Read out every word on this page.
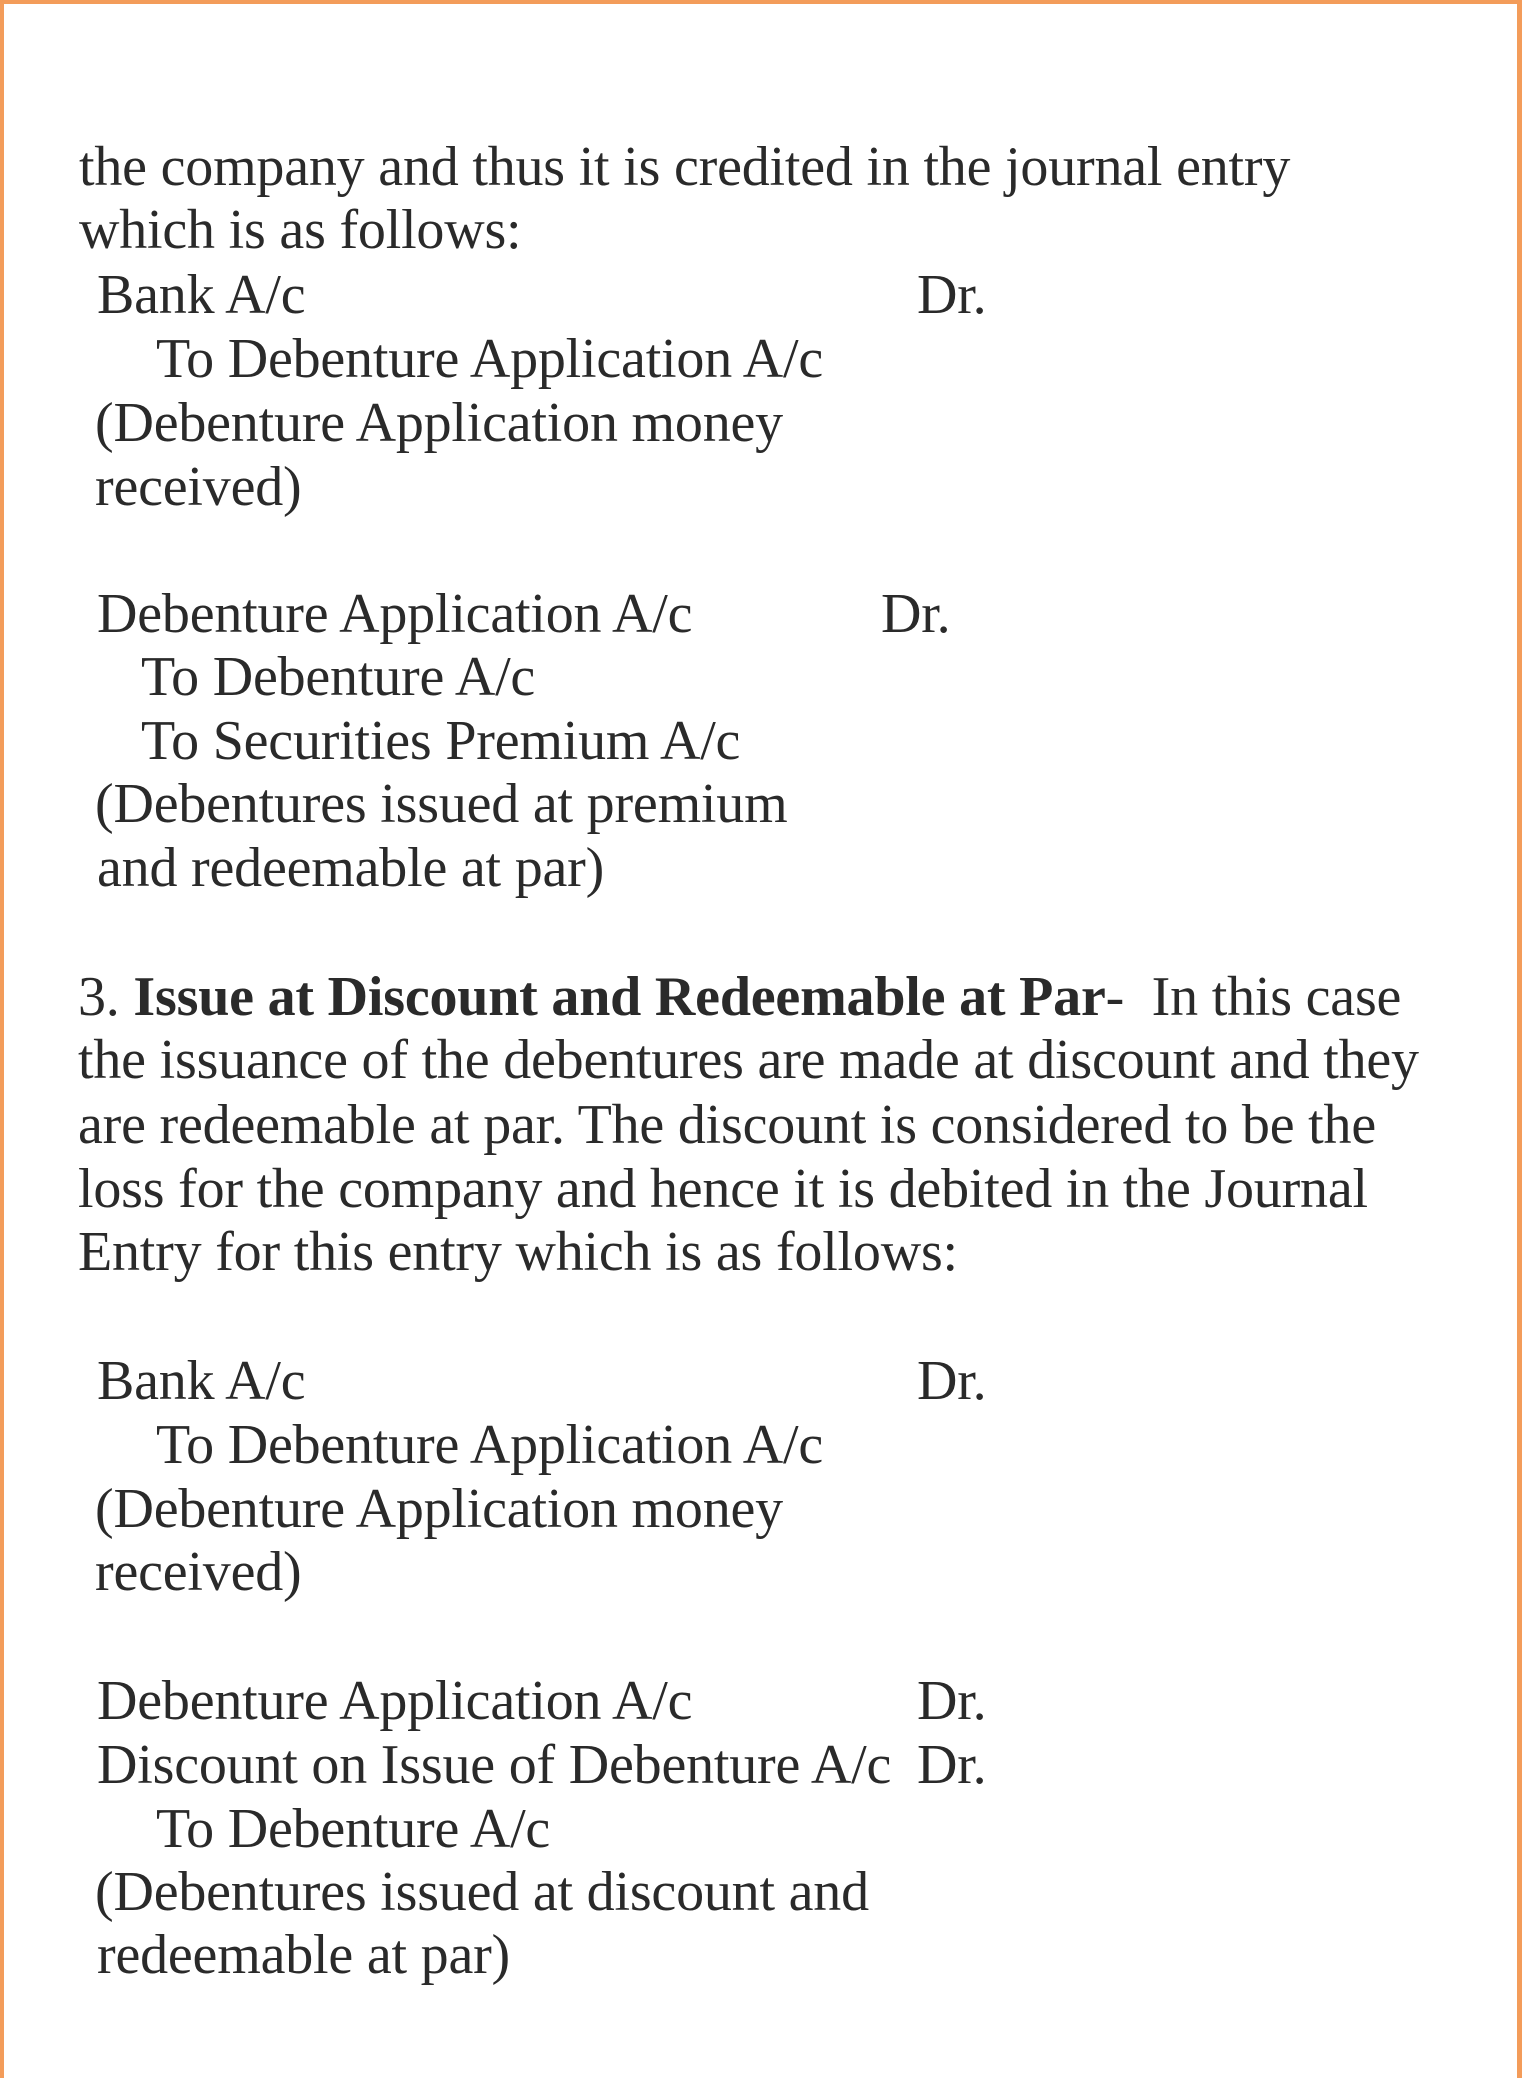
the company and thus it is credited in the journal entry
which is as follows:
Bank A/c	Dr.
To Debenture Application A/c
(Debenture Application money
received)
Debenture Application A/c	Dr.
To Debenture A/c
To Securities Premium A/c
(Debentures issued at premium
and redeemable at par)
3. Issue at Discount and Redeemable at Par- In this case
the issuance of the debentures are made at discount and they
are redeemable at par. The discount is considered to be the
loss for the company and hence it is debited in the Journal
Entry for this entry which is as follows:
Bank A/c	Dr.
To Debenture Application A/c
(Debenture Application money
received)
Debenture Application A/c	Dr.
Discount on Issue of Debenture A/c Dr.
To Debenture A/c
(Debentures issued at discount and
redeemable at par)
